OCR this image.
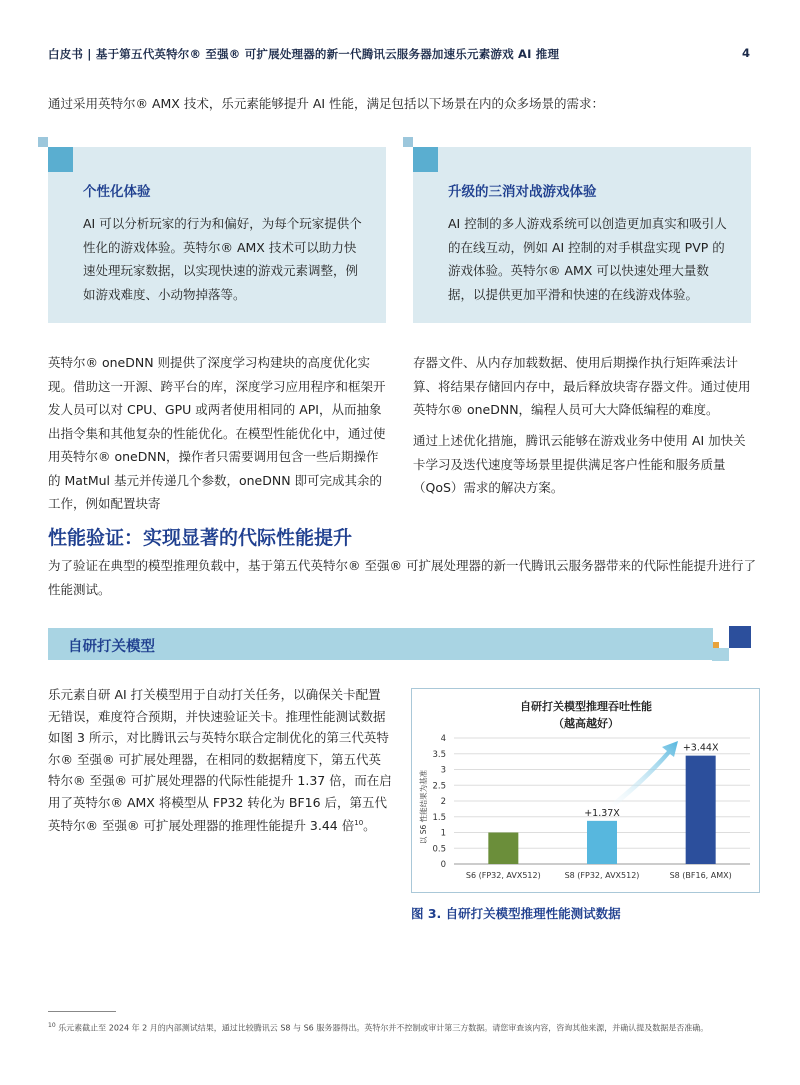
白皮书 | 基于第五代英特尔® 至强® 可扩展处理器的新一代腾讯云服务器加速乐元素游戏 AI 推理	4
通过采用英特尔® AMX 技术，乐元素能够提升 AI 性能，满足包括以下场景在内的众多场景的需求：
个性化体验

AI 可以分析玩家的行为和偏好，为每个玩家提供个性化的游戏体验。英特尔® AMX 技术可以助力快速处理玩家数据，以实现快速的游戏元素调整，例如游戏难度、小动物掉落等。

升级的三消对战游戏体验

AI 控制的多人游戏系统可以创造更加真实和吸引人的在线互动，例如 AI 控制的对手棋盘实现 PVP 的游戏体验。英特尔® AMX 可以快速处理大量数据，以提供更加平滑和快速的在线游戏体验。

英特尔® oneDNN 则提供了深度学习构建块的高度优化实现。借助这一开源、跨平台的库，深度学习应用程序和框架开发人员可以对 CPU、GPU 或两者使用相同的 API，从而抽象出指令集和其他复杂的性能优化。在模型性能优化中，通过使用英特尔® oneDNN，操作者只需要调用包含一些后期操作的 MatMul 基元并传递几个参数，oneDNN 即可完成其余的工作，例如配置块寄
存器文件、从内存加载数据、使用后期操作执行矩阵乘法计算、将结果存储回内存中，最后释放块寄存器文件。通过使用英特尔® oneDNN，编程人员可大大降低编程的难度。
通过上述优化措施，腾讯云能够在游戏业务中使用 AI 加快关卡学习及迭代速度等场景里提供满足客户性能和服务质量（QoS）需求的解决方案。
性能验证：实现显著的代际性能提升
为了验证在典型的模型推理负载中，基于第五代英特尔® 至强® 可扩展处理器的新一代腾讯云服务器带来的代际性能提升进行了性能测试。
自研打关模型
乐元素自研 AI 打关模型用于自动打关任务，以确保关卡配置无错误，难度符合预期，并快速验证关卡。推理性能测试数据如图 3 所示，对比腾讯云与英特尔联合定制优化的第三代英特尔® 至强® 可扩展处理器，在相同的数据精度下，第五代英特尔® 至强® 可扩展处理器的代际性能提升 1.37 倍，而在启用了英特尔® AMX 将模型从 FP32 转化为 BF16 后，第五代英特尔® 至强® 可扩展处理器的推理性能提升 3.44 倍$^{10}$。
自研打关模型推理吞吐性能
（越高越好）
以 S6 性能结果为基准
0
0.5
1
1.5
2
2.5
3
3.5
4
+1.37X
+3.44X
S6 (FP32, AVX512)	S8 (FP32, AVX512)	S8 (BF16, AMX)
图 3. 自研打关模型推理性能测试数据
$^{10}$ 乐元素截止至 2024 年 2 月的内部测试结果，通过比较腾讯云 S8 与 S6 服务器得出。英特尔并不控制或审计第三方数据。请您审查该内容，咨询其他来源，并确认提及数据是否准确。
